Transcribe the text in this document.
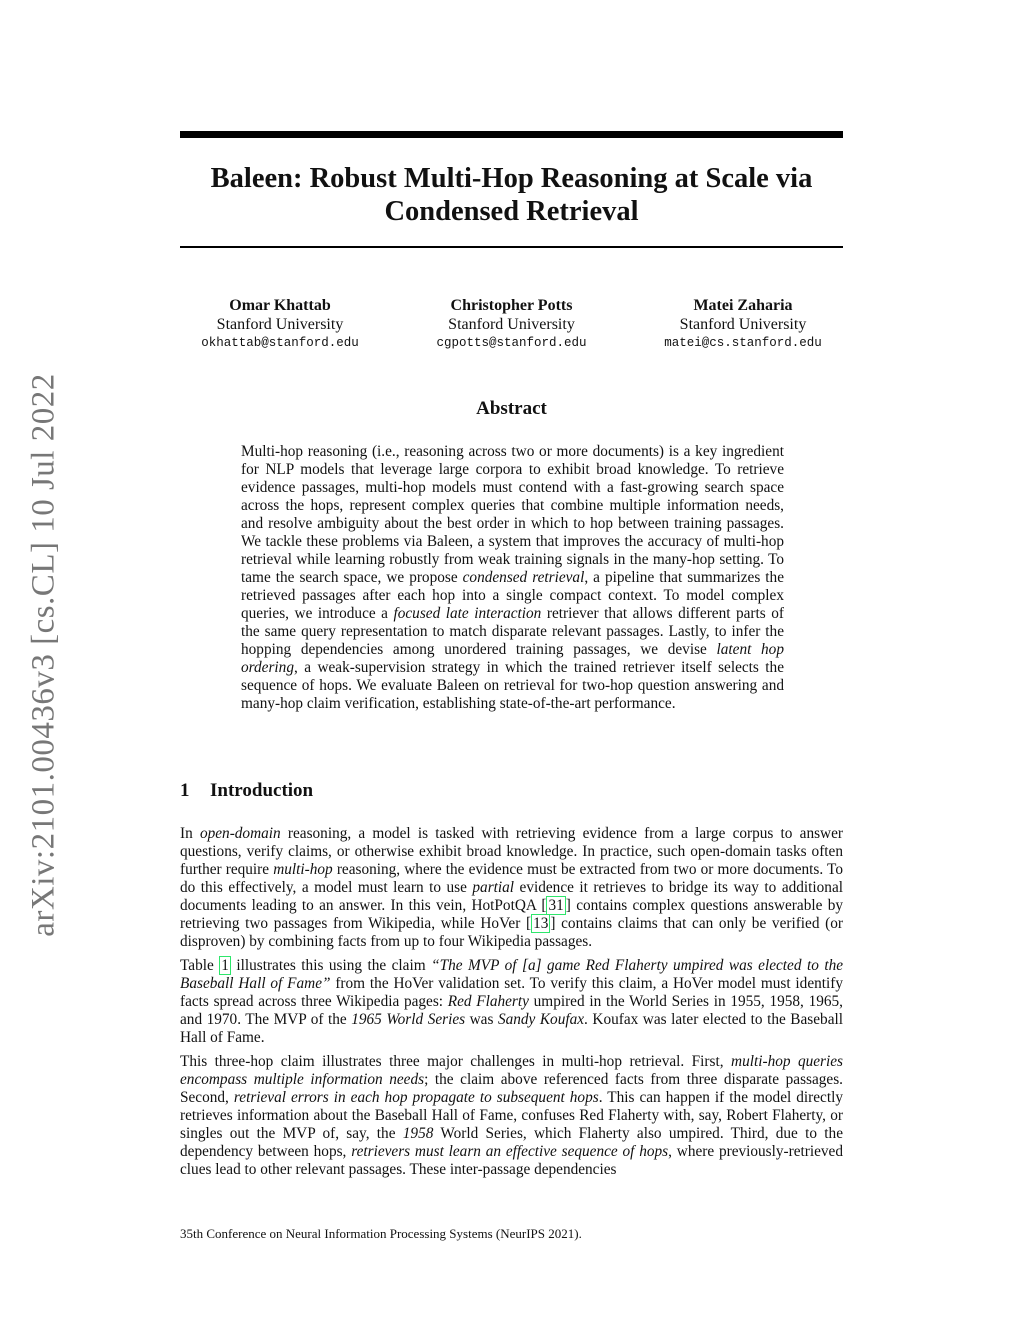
arXiv:2101.00436v3 [cs.CL] 10 Jul 2022
Baleen: Robust Multi-Hop Reasoning at Scale via Condensed Retrieval
Omar Khattab
Stanford University
okhattab@stanford.edu
Christopher Potts
Stanford University
cgpotts@stanford.edu
Matei Zaharia
Stanford University
matei@cs.stanford.edu
Abstract

Multi-hop reasoning (i.e., reasoning across two or more documents) is a key ingredient for NLP models that leverage large corpora to exhibit broad knowledge. To retrieve evidence passages, multi-hop models must contend with a fast-growing search space across the hops, represent complex queries that combine multiple information needs, and resolve ambiguity about the best order in which to hop between training passages. We tackle these problems via Baleen, a system that improves the accuracy of multi-hop retrieval while learning robustly from weak training signals in the many-hop setting. To tame the search space, we propose condensed retrieval, a pipeline that summarizes the retrieved passages after each hop into a single compact context. To model complex queries, we introduce a focused late interaction retriever that allows different parts of the same query representation to match disparate relevant passages. Lastly, to infer the hopping dependencies among unordered training passages, we devise latent hop ordering, a weak-supervision strategy in which the trained retriever itself selects the sequence of hops. We evaluate Baleen on retrieval for two-hop question answering and many-hop claim verification, establishing state-of-the-art performance.

1 Introduction

In open-domain reasoning, a model is tasked with retrieving evidence from a large corpus to answer questions, verify claims, or otherwise exhibit broad knowledge. In practice, such open-domain tasks often further require multi-hop reasoning, where the evidence must be extracted from two or more documents. To do this effectively, a model must learn to use partial evidence it retrieves to bridge its way to additional documents leading to an answer. In this vein, HotPotQA [ 31 ] contains complex questions answerable by retrieving two passages from Wikipedia, while HoVer [ 13 ] contains claims that can only be verified (or disproven) by combining facts from up to four Wikipedia passages.

Table 1 illustrates this using the claim “The MVP of [a] game Red Flaherty umpired was elected to the Baseball Hall of Fame” from the HoVer validation set. To verify this claim, a HoVer model must identify facts spread across three Wikipedia pages: Red Flaherty umpired in the World Series in 1955, 1958, 1965, and 1970. The MVP of the 1965 World Series was Sandy Koufax. Koufax was later elected to the Baseball Hall of Fame.

This three-hop claim illustrates three major challenges in multi-hop retrieval. First, multi-hop queries encompass multiple information needs; the claim above referenced facts from three disparate passages. Second, retrieval errors in each hop propagate to subsequent hops. This can happen if the model directly retrieves information about the Baseball Hall of Fame, confuses Red Flaherty with, say, Robert Flaherty, or singles out the MVP of, say, the 1958 World Series, which Flaherty also umpired. Third, due to the dependency between hops, retrievers must learn an effective sequence of hops, where previously-retrieved clues lead to other relevant passages. These inter-passage dependencies

35th Conference on Neural Information Processing Systems (NeurIPS 2021).
